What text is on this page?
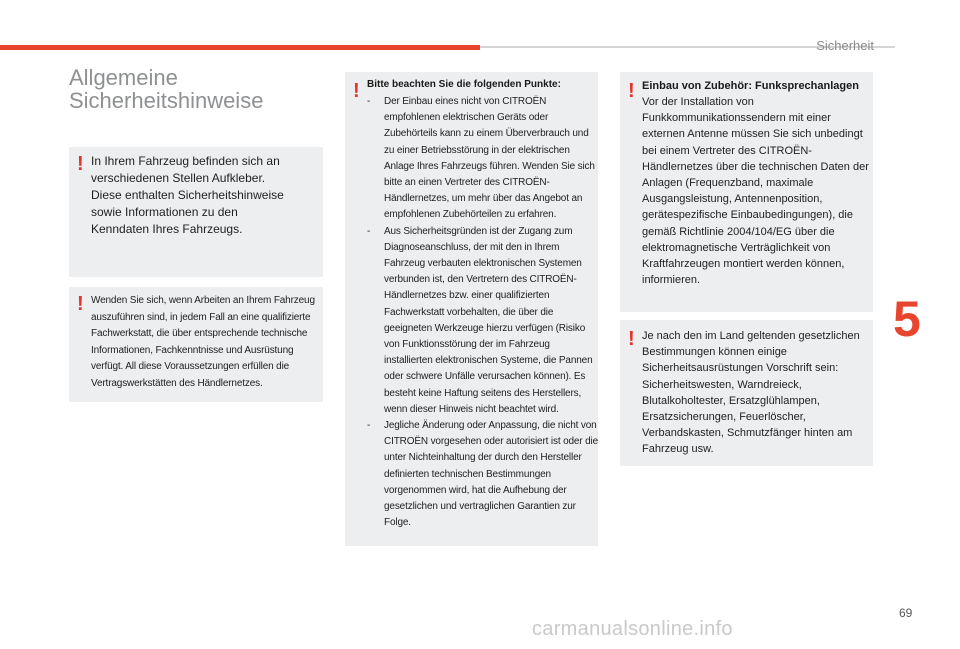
Sicherheit
Allgemeine
Sicherheitshinweise
! In Ihrem Fahrzeug befinden sich an verschiedenen Stellen Aufkleber. Diese enthalten Sicherheitshinweise sowie Informationen zu den Kenndaten Ihres Fahrzeugs.
! Wenden Sie sich, wenn Arbeiten an Ihrem Fahrzeug auszuführen sind, in jedem Fall an eine qualifizierte Fachwerkstatt, die über entsprechende technische Informationen, Fachkenntnisse und Ausrüstung verfügt. All diese Voraussetzungen erfüllen die Vertragswerkstätten des Händlernetzes.
! Bitte beachten Sie die folgenden Punkte:
- Der Einbau eines nicht von CITROËN empfohlenen elektrischen Geräts oder Zubehörteils kann zu einem Überverbrauch und zu einer Betriebsstörung in der elektrischen Anlage Ihres Fahrzeugs führen. Wenden Sie sich bitte an einen Vertreter des CITROËN-Händlernetzes, um mehr über das Angebot an empfohlenen Zubehörteilen zu erfahren.
- Aus Sicherheitsgründen ist der Zugang zum Diagnoseanschluss, der mit den in Ihrem Fahrzeug verbauten elektronischen Systemen verbunden ist, den Vertretern des CITROËN-Händlernetzes bzw. einer qualifizierten Fachwerkstatt vorbehalten, die über die geeigneten Werkzeuge hierzu verfügen (Risiko von Funktionsstörung der im Fahrzeug installierten elektronischen Systeme, die Pannen oder schwere Unfälle verursachen können). Es besteht keine Haftung seitens des Herstellers, wenn dieser Hinweis nicht beachtet wird.
- Jegliche Änderung oder Anpassung, die nicht von CITROËN vorgesehen oder autorisiert ist oder die unter Nichteinhaltung der durch den Hersteller definierten technischen Bestimmungen vorgenommen wird, hat die Aufhebung der gesetzlichen und vertraglichen Garantien zur Folge.
! Einbau von Zubehör: Funksprechanlagen
Vor der Installation von Funkkommunikationssendern mit einer externen Antenne müssen Sie sich unbedingt bei einem Vertreter des CITROËN-Händlernetzes über die technischen Daten der Anlagen (Frequenzband, maximale Ausgangsleistung, Antennenposition, gerätespezifische Einbaubedingungen), die gemäß Richtlinie 2004/104/EG über die elektromagnetische Verträglichkeit von Kraftfahrzeugen montiert werden können, informieren.
! Je nach den im Land geltenden gesetzlichen Bestimmungen können einige Sicherheitsausrüstungen Vorschrift sein: Sicherheitswesten, Warndreieck, Blutalkoholtester, Ersatzglühlampen, Ersatzsicherungen, Feuerlöscher, Verbandskasten, Schmutzfänger hinten am Fahrzeug usw.
5
69
carmanualsonline.info
